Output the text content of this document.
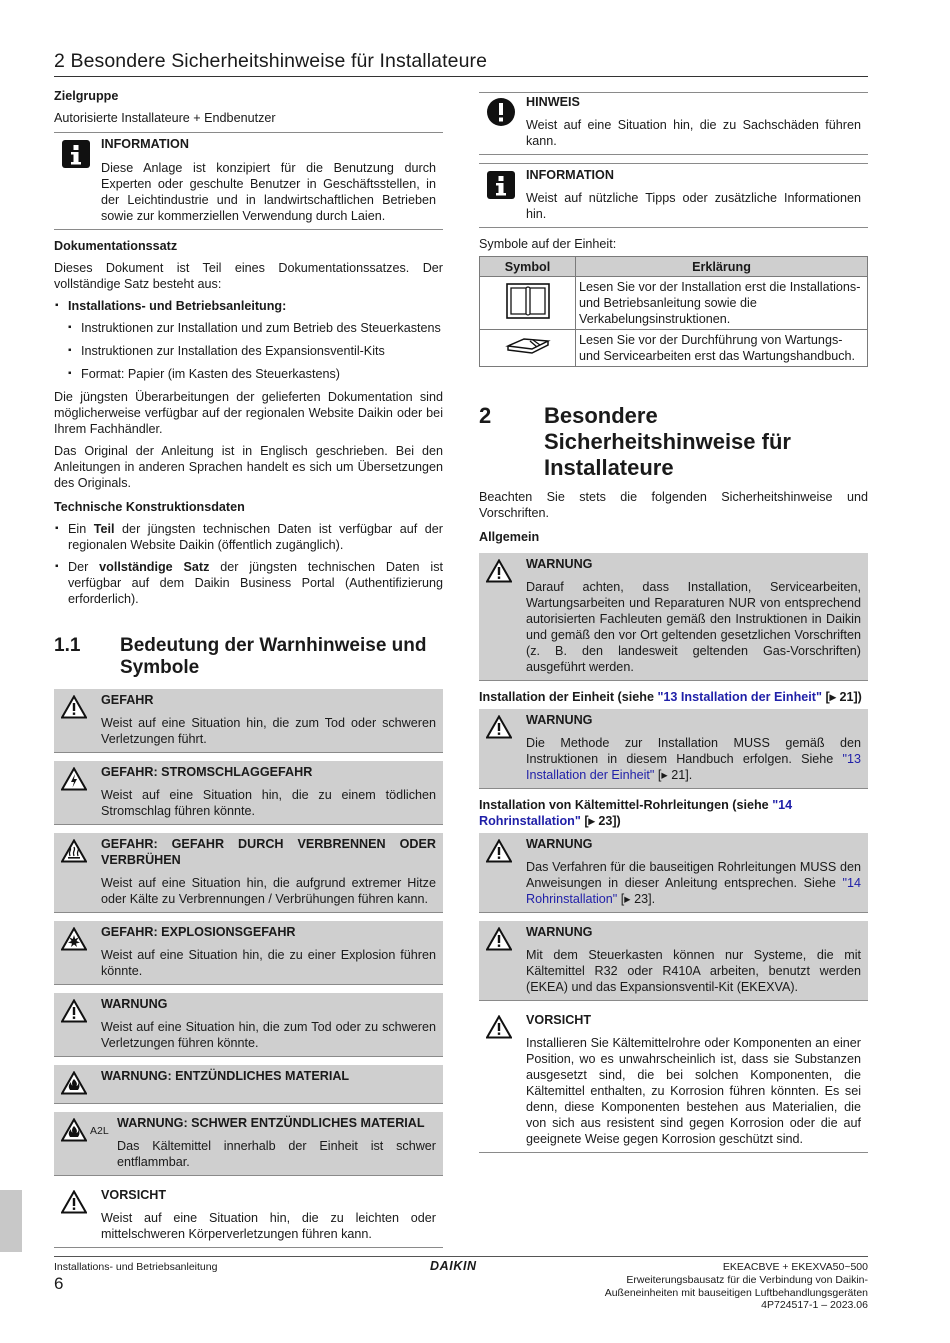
2 Besondere Sicherheitshinweise für Installateure

Zielgruppe

Autorisierte Installateure + Endbenutzer

INFORMATION
Diese Anlage ist konzipiert für die Benutzung durch Experten oder geschulte Benutzer in Geschäftsstellen, in der Leichtindustrie und in landwirtschaftlichen Betrieben sowie zur kommerziellen Verwendung durch Laien.

Dokumentationssatz

Dieses Dokument ist Teil eines Dokumentationssatzes. Der vollständige Satz besteht aus:

▪ Installations- und Betriebsanleitung:
▪ Instruktionen zur Installation und zum Betrieb des Steuerkastens
▪ Instruktionen zur Installation des Expansionsventil-Kits
▪ Format: Papier (im Kasten des Steuerkastens)

Die jüngsten Überarbeitungen der gelieferten Dokumentation sind möglicherweise verfügbar auf der regionalen Website Daikin oder bei Ihrem Fachhändler.

Das Original der Anleitung ist in Englisch geschrieben. Bei den Anleitungen in anderen Sprachen handelt es sich um Übersetzungen des Originals.

Technische Konstruktionsdaten

▪ Ein Teil der jüngsten technischen Daten ist verfügbar auf der regionalen Website Daikin (öffentlich zugänglich).
▪ Der vollständige Satz der jüngsten technischen Daten ist verfügbar auf dem Daikin Business Portal (Authentifizierung erforderlich).
1.1	Bedeutung der Warnhinweise und Symbole
GEFAHR
Weist auf eine Situation hin, die zum Tod oder schweren Verletzungen führt.
GEFAHR: STROMSCHLAGGEFAHR
Weist auf eine Situation hin, die zu einem tödlichen Stromschlag führen könnte.
GEFAHR: GEFAHR DURCH VERBRENNEN ODER VERBRÜHEN
Weist auf eine Situation hin, die aufgrund extremer Hitze oder Kälte zu Verbrennungen / Verbrühungen führen kann.
GEFAHR: EXPLOSIONSGEFAHR
Weist auf eine Situation hin, die zu einer Explosion führen könnte.
WARNUNG
Weist auf eine Situation hin, die zum Tod oder zu schweren Verletzungen führen könnte.
WARNUNG: ENTZÜNDLICHES MATERIAL
A2L
WARNUNG: SCHWER ENTZÜNDLICHES MATERIAL
Das Kältemittel innerhalb der Einheit ist schwer entflammbar.
VORSICHT
Weist auf eine Situation hin, die zu leichten oder mittelschweren Körperverletzungen führen kann.
HINWEIS
Weist auf eine Situation hin, die zu Sachschäden führen kann.
INFORMATION
Weist auf nützliche Tipps oder zusätzliche Informationen hin.

Symbole auf der Einheit:

Symbol	Erklärung
	Lesen Sie vor der Installation erst die Installations- und Betriebsanleitung sowie die Verkabelungsinstruktionen.
	Lesen Sie vor der Durchführung von Wartungs- und Servicearbeiten erst das Wartungshandbuch.
2	Besondere Sicherheitshinweise für Installateure

Beachten Sie stets die folgenden Sicherheitshinweise und Vorschriften.

Allgemein

WARNUNG
Darauf achten, dass Installation, Servicearbeiten, Wartungsarbeiten und Reparaturen NUR von entsprechend autorisierten Fachleuten gemäß den Instruktionen in Daikin und gemäß den vor Ort geltenden gesetzlichen Vorschriften (z. B. den landesweit geltenden Gas-Vorschriften) ausgeführt werden.

Installation der Einheit (siehe "13 Installation der Einheit" [▸ 21])

WARNUNG
Die Methode zur Installation MUSS gemäß den Instruktionen in diesem Handbuch erfolgen. Siehe "13 Installation der Einheit" [▸ 21].

Installation von Kältemittel-Rohrleitungen (siehe "14 Rohrinstallation" [▸ 23])

WARNUNG
Das Verfahren für die bauseitigen Rohrleitungen MUSS den Anweisungen in dieser Anleitung entsprechen. Siehe "14 Rohrinstallation" [▸ 23].
WARNUNG
Mit dem Steuerkasten können nur Systeme, die mit Kältemittel R32 oder R410A arbeiten, benutzt werden (EKEA) und das Expansionsventil-Kit (EKEXVA).
VORSICHT
Installieren Sie Kältemittelrohre oder Komponenten an einer Position, wo es unwahrscheinlich ist, dass sie Substanzen ausgesetzt sind, die bei solchen Komponenten, die Kältemittel enthalten, zu Korrosion führen könnten. Es sei denn, diese Komponenten bestehen aus Materialien, die von sich aus resistent sind gegen Korrosion oder die auf geeignete Weise gegen Korrosion geschützt sind.
Installations- und Betriebsanleitung
6
DAIKIN	EKEACBVE + EKEXVA50~500
Erweiterungsbausatz für die Verbindung von Daikin-
Außeneinheiten mit bauseitigen Luftbehandlungsgeräten
4P724517-1 – 2023.06
